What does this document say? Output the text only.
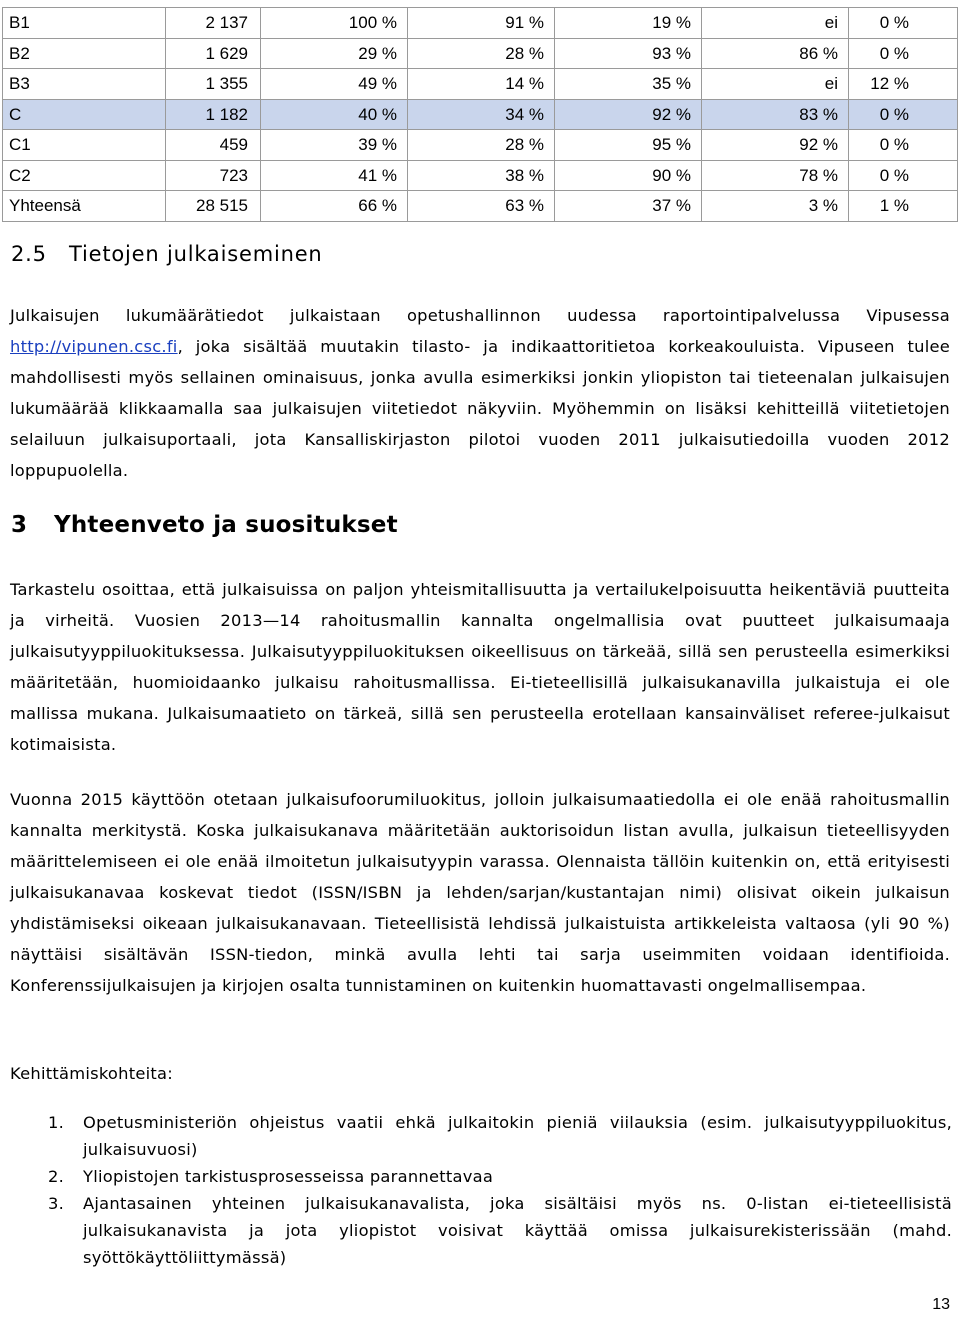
B1	2 137	100 %	91 %	19 %	ei	0 %
B2	1 629	29 %	28 %	93 %	86 %	0 %
B3	1 355	49 %	14 %	35 %	ei	12 %
C	1 182	40 %	34 %	92 %	83 %	0 %
C1	459	39 %	28 %	95 %	92 %	0 %
C2	723	41 %	38 %	90 %	78 %	0 %
Yhteensä	28 515	66 %	63 %	37 %	3 %	1 %
2.5 Tietojen julkaiseminen

Julkaisujen lukumäärätiedot julkaistaan opetushallinnon uudessa raportointipalvelussa Vipusessa http://vipunen.csc.fi, joka sisältää muutakin tilasto- ja indikaattoritietoa korkeakouluista. Vipuseen tulee mahdollisesti myös sellainen ominaisuus, jonka avulla esimerkiksi jonkin yliopiston tai tieteenalan julkaisujen lukumäärää klikkaamalla saa julkaisujen viitetiedot näkyviin. Myöhemmin on lisäksi kehitteillä viitetietojen selailuun julkaisuportaali, jota Kansalliskirjaston pilotoi vuoden 2011 julkaisutiedoilla vuoden 2012 loppupuolella.

3 Yhteenveto ja suositukset

Tarkastelu osoittaa, että julkaisuissa on paljon yhteismitallisuutta ja vertailukelpoisuutta heikentäviä puutteita ja virheitä. Vuosien 2013—14 rahoitusmallin kannalta ongelmallisia ovat puutteet julkaisumaaja julkaisutyyppiluokituksessa. Julkaisutyyppiluokituksen oikeellisuus on tärkeää, sillä sen perusteella esimerkiksi määritetään, huomioidaanko julkaisu rahoitusmallissa. Ei-tieteellisillä julkaisukanavilla julkaistuja ei ole mallissa mukana. Julkaisumaatieto on tärkeä, sillä sen perusteella erotellaan kansainväliset referee-julkaisut kotimaisista.

Vuonna 2015 käyttöön otetaan julkaisufoorumiluokitus, jolloin julkaisumaatiedolla ei ole enää rahoitusmallin kannalta merkitystä. Koska julkaisukanava määritetään auktorisoidun listan avulla, julkaisun tieteellisyyden määrittelemiseen ei ole enää ilmoitetun julkaisutyypin varassa. Olennaista tällöin kuitenkin on, että erityisesti julkaisukanavaa koskevat tiedot (ISSN/ISBN ja lehden/sarjan/kustantajan nimi) olisivat oikein julkaisun yhdistämiseksi oikeaan julkaisukanavaan. Tieteellisistä lehdissä julkaistuista artikkeleista valtaosa (yli 90 %) näyttäisi sisältävän ISSN-tiedon, minkä avulla lehti tai sarja useimmiten voidaan identifioida. Konferenssijulkaisujen ja kirjojen osalta tunnistaminen on kuitenkin huomattavasti ongelmallisempaa.

Kehittämiskohteita:

1. Opetusministeriön ohjeistus vaatii ehkä julkaitokin pieniä viilauksia (esim. julkaisutyyppiluokitus, julkaisuvuosi)
2. Yliopistojen tarkistusprosesseissa parannettavaa
3. Ajantasainen yhteinen julkaisukanavalista, joka sisältäisi myös ns. 0-listan ei-tieteellisistä julkaisukanavista ja jota yliopistot voisivat käyttää omissa julkaisurekisterissään (mahd. syöttökäyttöliittymässä)
13
